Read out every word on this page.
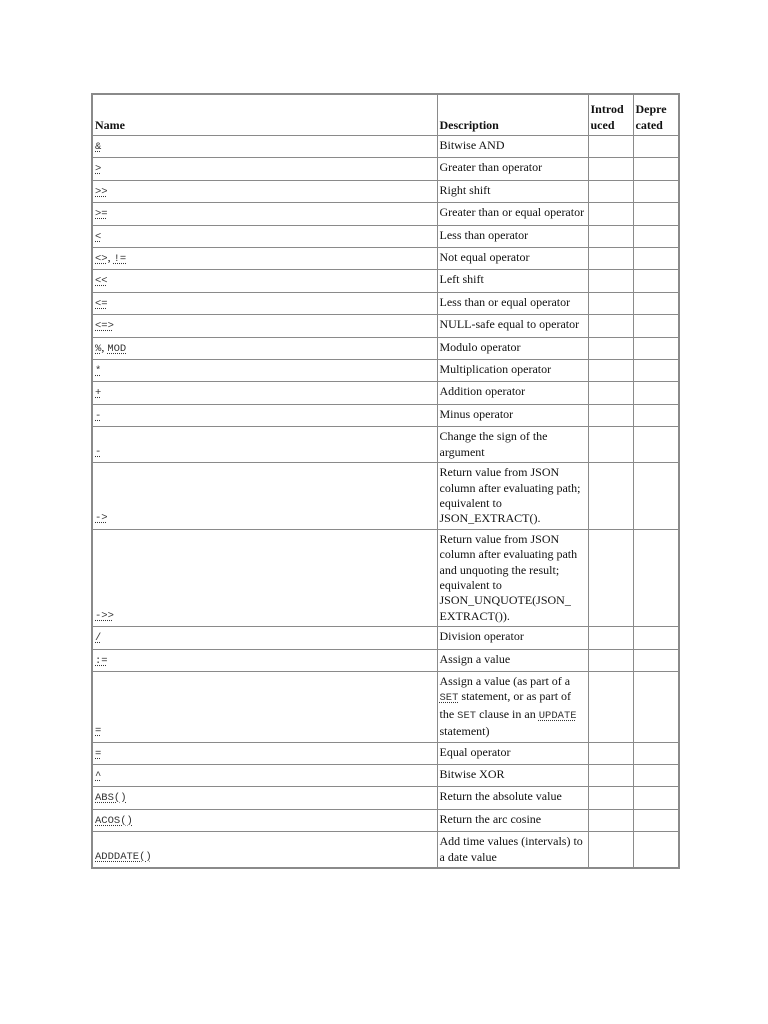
Name	Description	Introd uced	Depre cated
&	Bitwise AND		
>	Greater than operator		
>>	Right shift		
>=	Greater than or equal operator		
<	Less than operator		
<>, !=	Not equal operator		
<<	Left shift		
<=	Less than or equal operator		
<=>	NULL-safe equal to operator		
%, MOD	Modulo operator		
*	Multiplication operator		
+	Addition operator		
-	Minus operator		
-	Change the sign of the argument		
->	Return value from JSON column after evaluating path; equivalent to JSON_EXTRACT().		
->>	Return value from JSON column after evaluating path and unquoting the result; equivalent to JSON_UNQUOTE(JSON_ EXTRACT()).		
/	Division operator		
:=	Assign a value		
=	Assign a value (as part of a SET statement, or as part of the SET clause in an UPDATE statement)		
=	Equal operator		
^	Bitwise XOR		
ABS()	Return the absolute value		
ACOS()	Return the arc cosine		
ADDDATE()	Add time values (intervals) to a date value		
